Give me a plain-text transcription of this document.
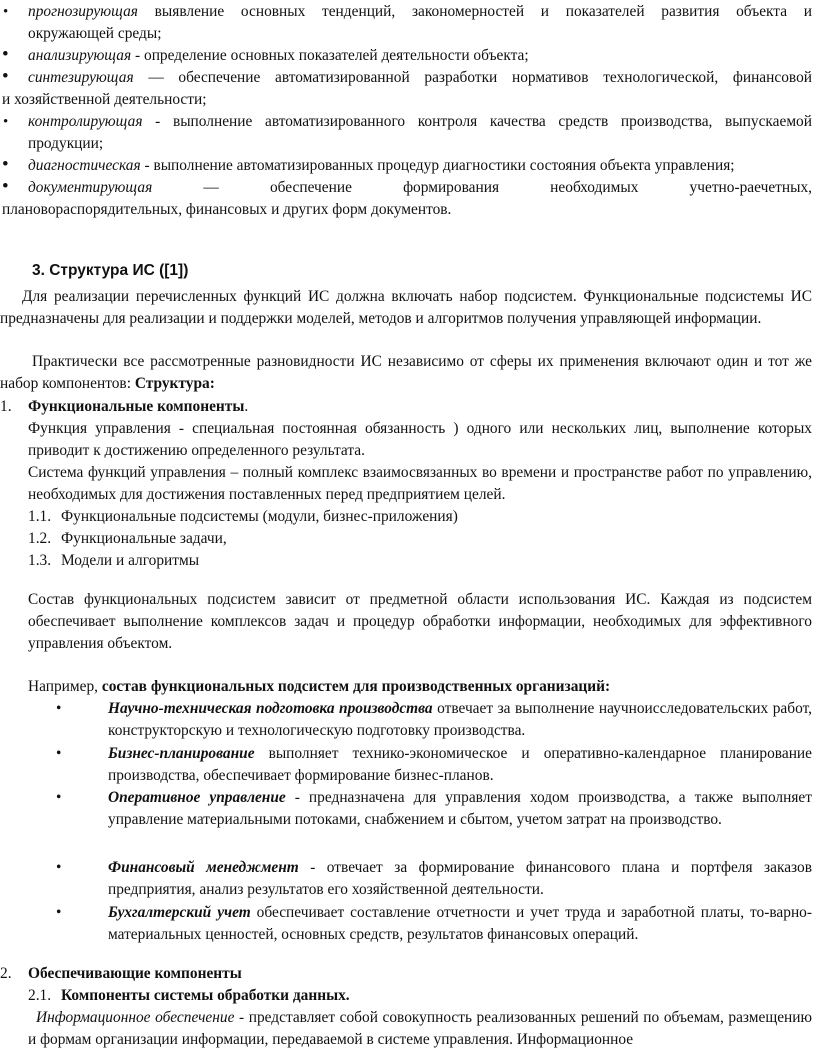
• прогнозирующая выявление основных тенденций, закономерностей и показателей развития объекта и

окружающей среды;

• анализирующая - определение основных показателей деятельности объекта;

• синтезирующая — обеспечение автоматизированной разработки нормативов технологической, финансовой

и хозяйственной деятельности;

• контролирующая - выполнение автоматизированного контроля качества средств производства, выпускаемой

продукции;

• диагностическая - выполнение автоматизированных процедур диагностики состояния объекта управления;

• документирующая — обеспечение формирования необходимых учетно-раечетных,

плановораспорядительных, финансовых и других форм документов.

3. Структура ИС ([1])

Для реализации перечисленных функций ИС должна включать набор подсистем. Функциональные подсистемы ИС предназначены для реализации и поддержки моделей, методов и алгоритмов получения управляющей информации.

Практически все рассмотренные разновидности ИС независимо от сферы их применения включают один и тот же набор компонентов: Структура:

1. Функциональные компоненты.

Функция управления - специальная постоянная обязанность ) одного или нескольких лиц, выполнение которых приводит к достижению определенного результата.

Система функций управления – полный комплекс взаимосвязанных во времени и пространстве работ по управлению, необходимых для достижения поставленных перед предприятием целей.

1.1. Функциональные подсистемы (модули, бизнес-приложения)
1.2. Функциональные задачи,
1.3. Модели и алгоритмы

Состав функциональных подсистем зависит от предметной области использования ИС. Каждая из подсистем обеспечивает выполнение комплексов задач и процедур обработки информации, необходимых для эффективного управления объектом.

Например, состав функциональных подсистем для производственных организаций:

•	Научно-техническая подготовка производства отвечает за выполнение научноисследовательских работ, конструкторскую и технологическую подготовку производства.

•	Бизнес-планирование выполняет технико-экономическое и оперативно-календарное планирование производства, обеспечивает формирование бизнес-планов.

•	Оперативное управление - предназначена для управления ходом производства, а также выполняет управление материальными потоками, снабжением и сбытом, учетом затрат на производство.

•	Финансовый менеджмент - отвечает за формирование финансового плана и портфеля заказов предприятия, анализ результатов его хозяйственной деятельности.

•	Бухгалтерский учет обеспечивает составление отчетности и учет труда и заработной платы, то-варно-материальных ценностей, основных средств, результатов финансовых операций.

2. Обеспечивающие компоненты

2.1. Компоненты системы обработки данных.

Информационное обеспечение - представляет собой совокупность реализованных решений по объемам, размещению и формам организации информации, передаваемой в системе управления. Информационное
